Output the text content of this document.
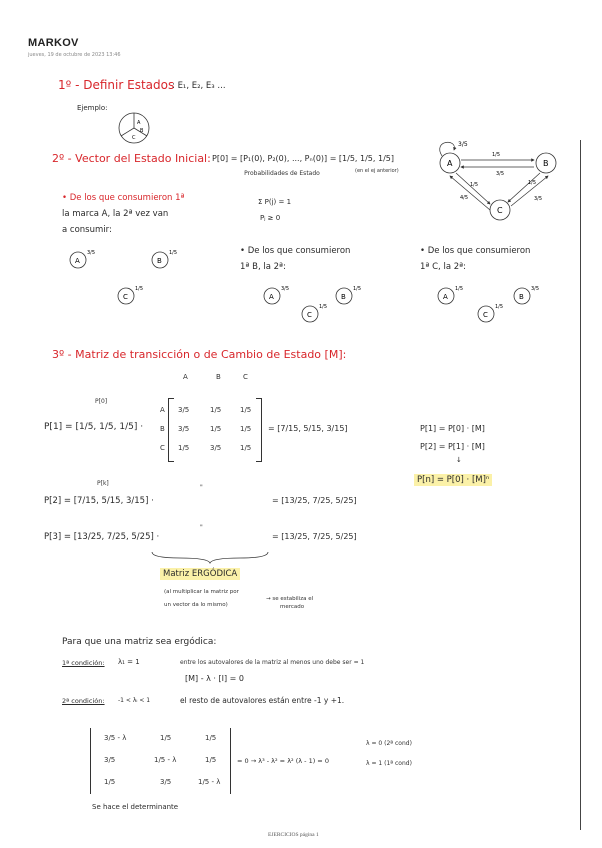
MARKOV
jueves, 19 de octubre de 2023 13:46
1º - Definir Estados
: E₁, E₂, E₃ ...
Ejemplo:
A
B
C
2º - Vector del Estado Inicial: P[0] = [P₁(0), P₂(0), ..., Pₙ(0)] = [1/5, 1/5, 1/5]
(en el ej anterior)
Probabilidades de Estado
Σ P(j) = 1
Pⱼ ≥ 0
3/5
A	B
C
1/5
3/5
1/5
4/5
1/5
3/5
• De los que consumieron 1ª
la marca A, la 2ª vez van
a consumir:
A
3/5
B
1/5
C
1/5
• De los que consumieron
1ª B, la 2ª:
A
3/5
B
1/5
C
1/5
• De los que consumieron
1ª C, la 2ª:
A
1/5
B
3/5
C
1/5
3º - Matriz de transicción o de Cambio de Estado [M]:
A	B	C
P[0]
P[1] = [1/5, 1/5, 1/5] ·
A
B
C
3/5	1/5	1/5
3/5	1/5	1/5
1/5	3/5	1/5
= [7/15, 5/15, 3/15]	P[1] = P[0] · [M]
P[2] = P[1] · [M]
↓
P[n] = P[0] · [M]ⁿ
P[k]
P[2] = [7/15, 5/15, 3/15] ·
"
= [13/25, 7/25, 5/25]
P[3] = [13/25, 7/25, 5/25] ·
"
= [13/25, 7/25, 5/25]
Matriz ERGÓDICA
(al multiplicar la matriz por
un vector da lo mismo)
→ se estabiliza el
mercado
Para que una matriz sea ergódica:
1ª condición: λ₁ = 1	entre los autovalores de la matriz al menos uno debe ser = 1
[M] - λ · [I] = 0
2ª condición: -1 < λᵢ < 1	el resto de autovalores están entre -1 y +1.
3/5 - λ	1/5	1/5
3/5	1/5 - λ	1/5
1/5	3/5	1/5 - λ
= 0 → λ³ - λ² = λ² (λ - 1) = 0
λ = 0 (2ª cond)
λ = 1 (1ª cond)
Se hace el determinante
EJERCICIOS página 1
